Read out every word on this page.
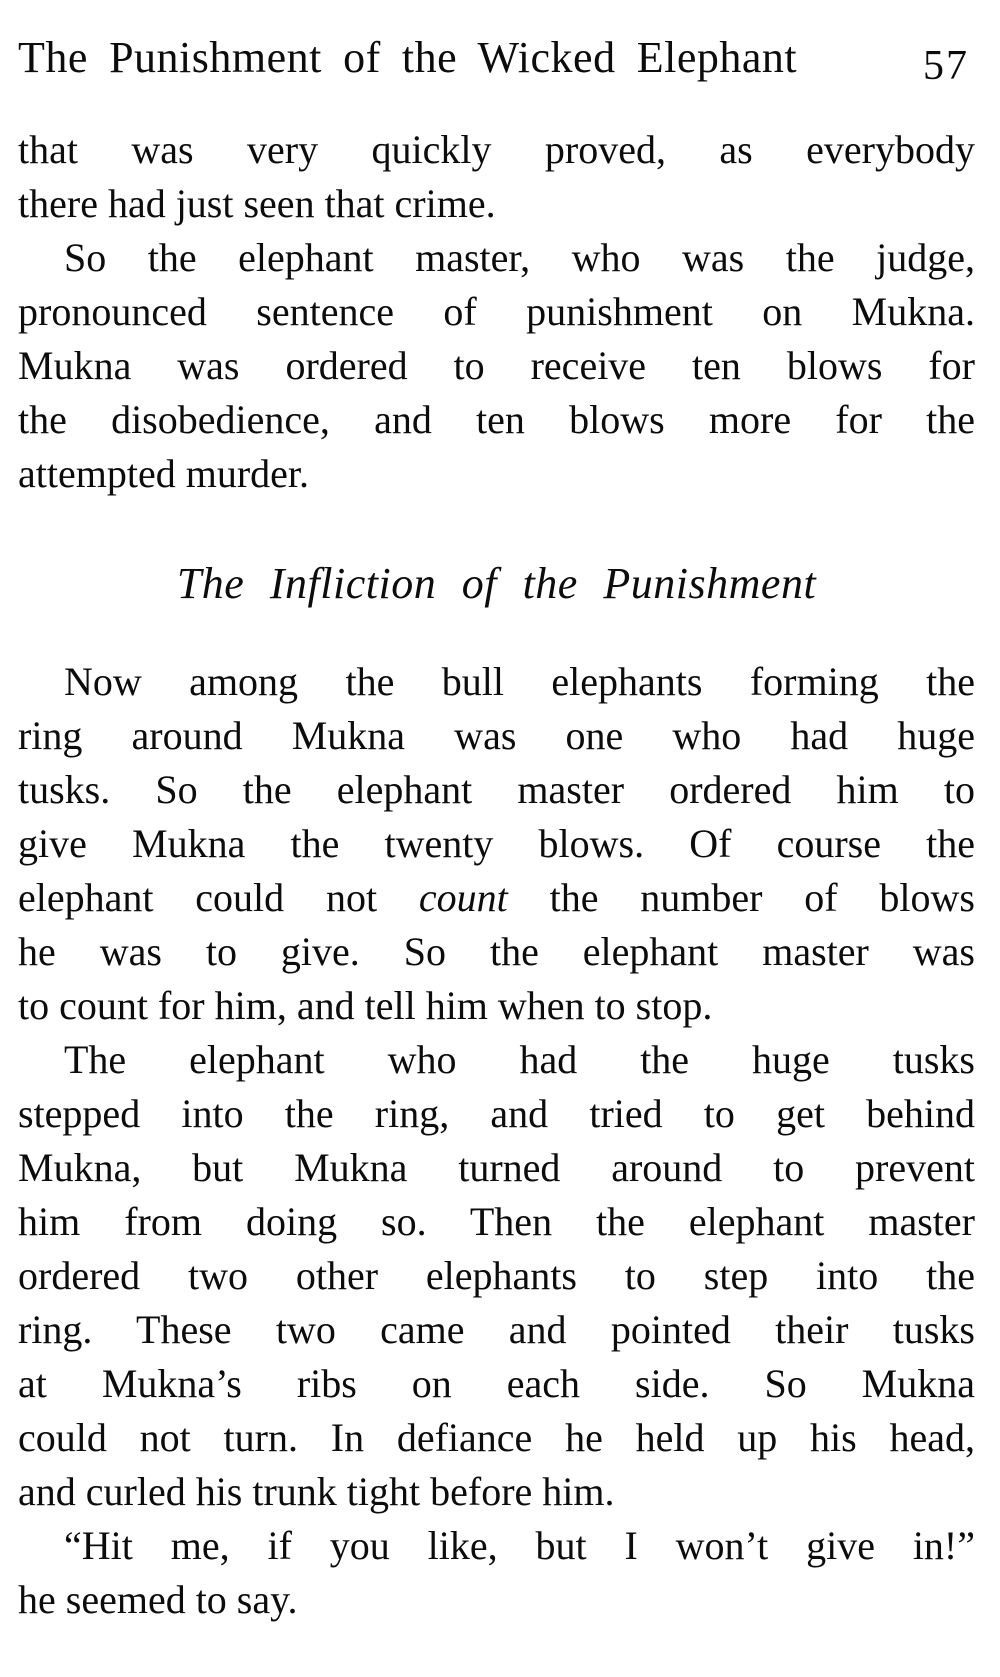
The Punishment of the Wicked Elephant	57
that was very quickly proved, as everybody
there had just seen that crime.
So the elephant master, who was the judge,
pronounced sentence of punishment on Mukna.
Mukna was ordered to receive ten blows for
the disobedience, and ten blows more for the
attempted murder.
The Infliction of the Punishment
Now among the bull elephants forming the
ring around Mukna was one who had huge
tusks. So the elephant master ordered him to
give Mukna the twenty blows. Of course the
elephant could not count the number of blows
he was to give. So the elephant master was
to count for him, and tell him when to stop.
The elephant who had the huge tusks
stepped into the ring, and tried to get behind
Mukna, but Mukna turned around to prevent
him from doing so. Then the elephant master
ordered two other elephants to step into the
ring. These two came and pointed their tusks
at Mukna’s ribs on each side. So Mukna
could not turn. In defiance he held up his head,
and curled his trunk tight before him.
“Hit me, if you like, but I won’t give in!”
he seemed to say.
